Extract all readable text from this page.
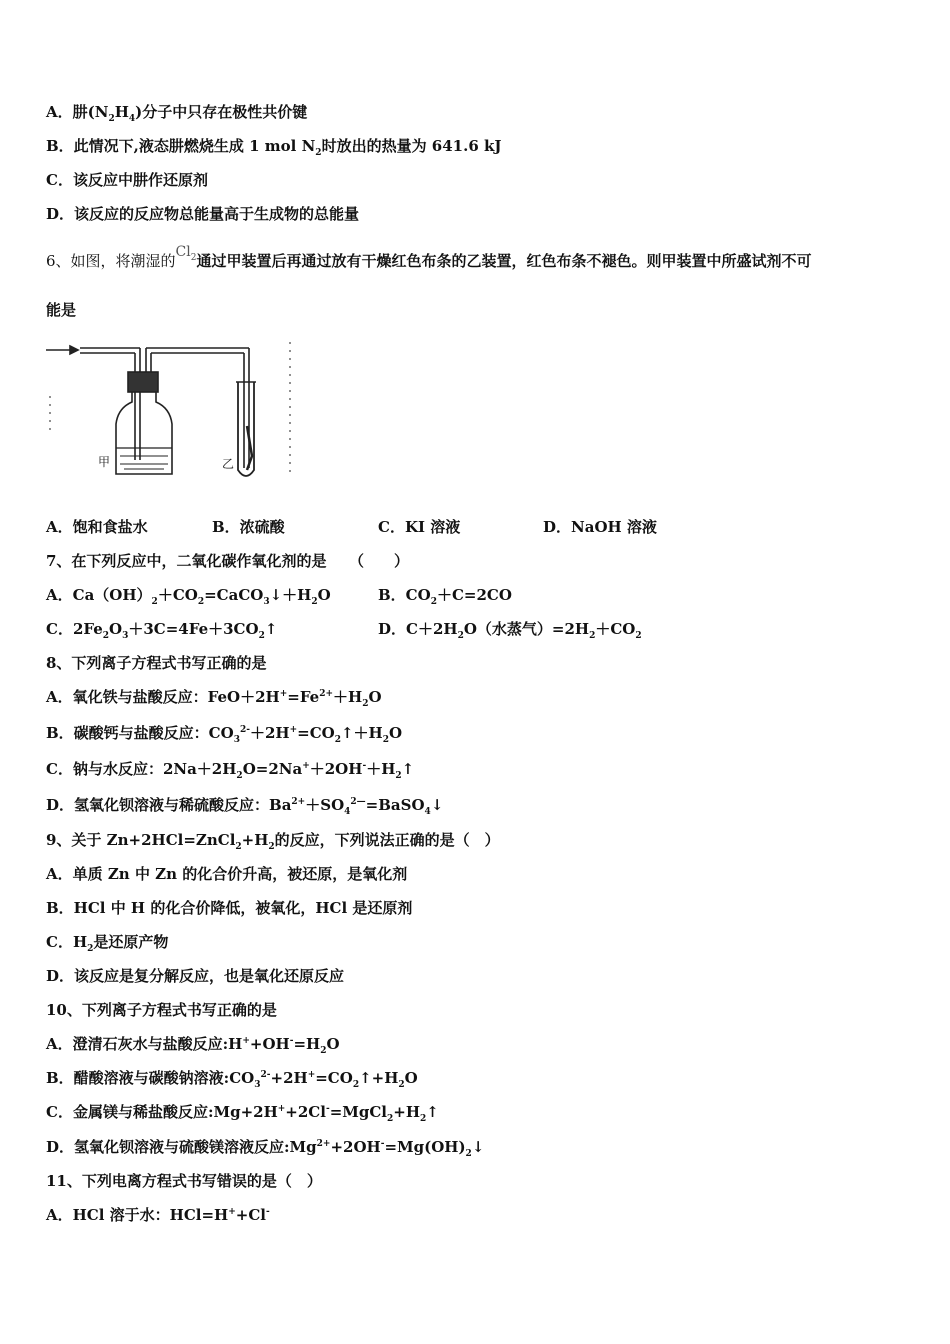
A．肼$(N_2H_4)$分子中只存在极性共价键
B．此情况下,液态肼燃烧生成 1 mol $N_2$时放出的热量为 641.6 kJ
C．该反应中肼作还原剂
D．该反应的反应物总能量高于生成物的总能量
6、如图，将潮湿的$Cl_2$通过甲装置后再通过放有干燥红色布条的乙装置，红色布条不褪色。则甲装置中所盛试剂不可
能是
甲	乙
A．饱和食盐水	B．浓硫酸	C．KI 溶液	D．NaOH 溶液
7、在下列反应中，二氧化碳作氧化剂的是　　（　　）
A．$Ca(OH)_2+CO_2=CaCO_3↓+H_2O$	B．$CO_2+C=2CO$
C．$2Fe_2O_3+3C=4Fe+3CO_2↑$	D．$C+2H_2O$（水蒸气）$=2H_2+CO_2$
8、下列离子方程式书写正确的是
A．氧化铁与盐酸反应：$FeO+2H^+=Fe^{2+}+H_2O$
B．碳酸钙与盐酸反应：$CO_3^{2-}+2H^+=CO_2↑+H_2O$
C．钠与水反应：$2Na+2H_2O=2Na^++2OH^-+H_2↑$
D．氢氧化钡溶液与稀硫酸反应：$Ba^{2+}+SO_4^{2—}=BaSO_4↓$
9、关于 $Zn+2HCl=ZnCl_2+H_2$的反应，下列说法正确的是（　）
A．单质 Zn 中 Zn 的化合价升高，被还原，是氧化剂
B．HCl 中 H 的化合价降低，被氧化，HCl 是还原剂
C．$H_2$是还原产物
D．该反应是复分解反应，也是氧化还原反应
10、下列离子方程式书写正确的是
A．澄清石灰水与盐酸反应$:H^++OH^-=H_2O$
B．醋酸溶液与碳酸钠溶液$:CO_3^{2-}+2H^+=CO_2↑+H_2O$
C．金属镁与稀盐酸反应$:Mg+2H^++2Cl^-=MgCl_2+H_2↑$
D．氢氧化钡溶液与硫酸镁溶液反应$:Mg^{2+}+2OH^-=Mg(OH)_2↓$
11、下列电离方程式书写错误的是（　）
A．HCl 溶于水：HCl=H++Cl-
